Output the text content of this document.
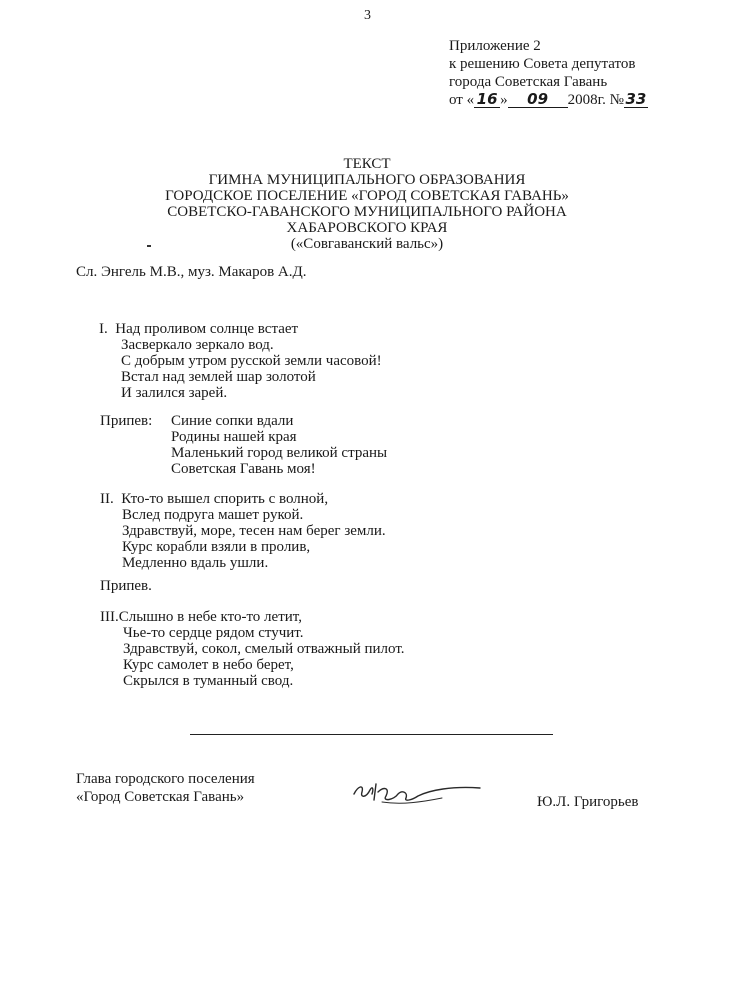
3
Приложение 2
к решению Совета депутатов
города Советская Гавань
от « 16 » 09 2008г. № 33
ТЕКСТ
ГИМНА МУНИЦИПАЛЬНОГО ОБРАЗОВАНИЯ
ГОРОДСКОЕ ПОСЕЛЕНИЕ «ГОРОД СОВЕТСКАЯ ГАВАНЬ»
СОВЕТСКО-ГАВАНСКОГО МУНИЦИПАЛЬНОГО РАЙОНА
ХАБАРОВСКОГО КРАЯ
(«Совгаванский вальс»)
Сл. Энгель М.В., муз. Макаров А.Д.
I. Над проливом солнце встает
Засверкало зеркало вод.
С добрым утром русской земли часовой!
Встал над землей шар золотой
И залился зарей.
Припев: Синие сопки вдали
Родины нашей края
Маленький город великой страны
Советская Гавань моя!
II. Кто-то вышел спорить с волной,
Вслед подруга машет рукой.
Здравствуй, море, тесен нам берег земли.
Курс корабли взяли в пролив,
Медленно вдаль ушли.
Припев.
III.Слышно в небе кто-то летит,
Чье-то сердце рядом стучит.
Здравствуй, сокол, смелый отважный пилот.
Курс самолет в небо берет,
Скрылся в туманный свод.
Глава городского поселения
«Город Советская Гавань»	Ю.Л. Григорьев
